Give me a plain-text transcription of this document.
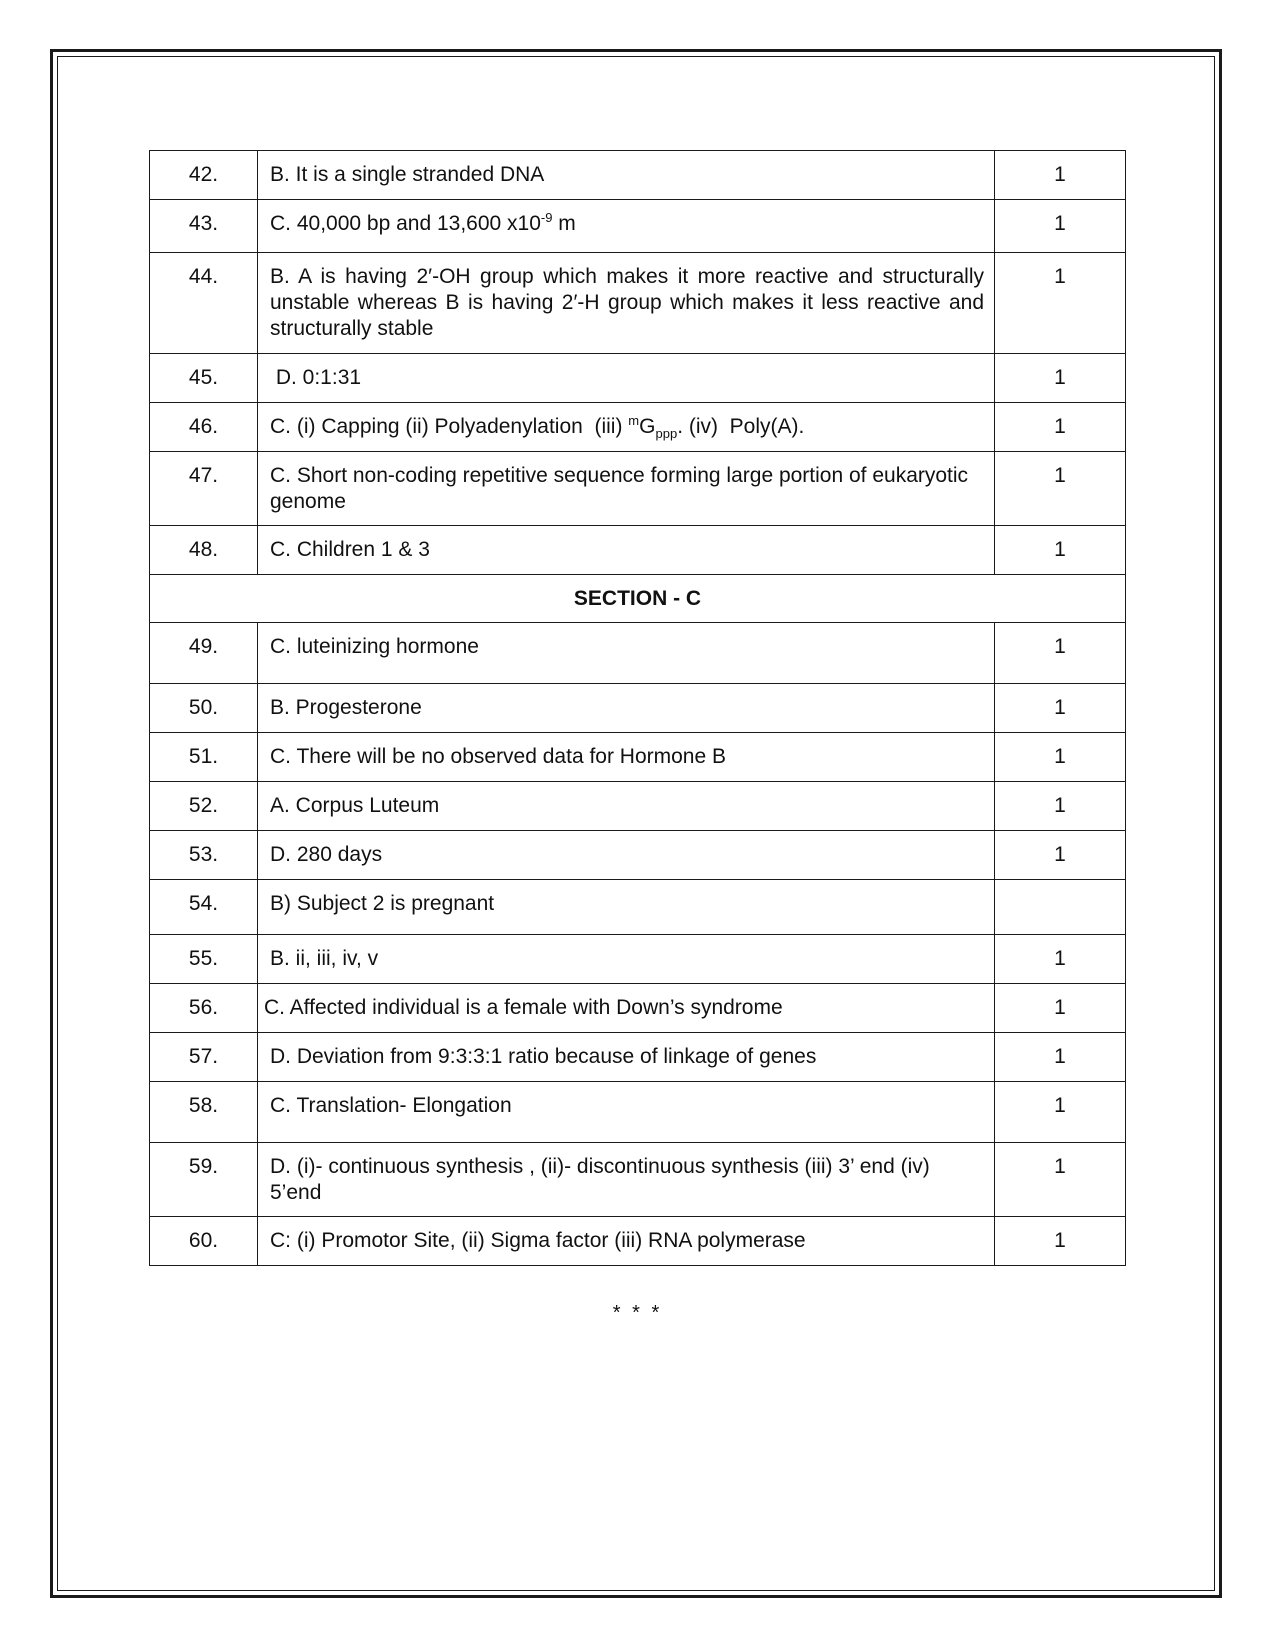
42.	B. It is a single stranded DNA	1
43.	C. 40,000 bp and 13,600 $x10^{-9}$ m	1
44.	B. A is having 2′-OH group which makes it more reactive and structurally unstable whereas B is having 2′-H group which makes it less reactive and structurally stable	1
45.	D. 0:1:31	1
46.	C. (i) Capping (ii) Polyadenylation  (iii) $^mG_{ppp}$. (iv)  Poly(A).	1
47.	C. Short non-coding repetitive sequence forming large portion of eukaryotic genome	1
48.	C. Children 1 & 3	1
SECTION - C		
49.	C. luteinizing hormone	1
50.	B. Progesterone	1
51.	C. There will be no observed data for Hormone B	1
52.	A. Corpus Luteum	1
53.	D. 280 days	1
54.	B) Subject 2 is pregnant	
55.	B. ii, iii, iv, v	1
56.	C. Affected individual is a female with Down’s syndrome	1
57.	D. Deviation from 9:3:3:1 ratio because of linkage of genes	1
58.	C. Translation- Elongation	1
59.	D. (i)- continuous synthesis , (ii)- discontinuous synthesis (iii) 3’ end (iv) 5’end	1
60.	C: (i) Promotor Site, (ii) Sigma factor (iii) RNA polymerase	1
* * *
